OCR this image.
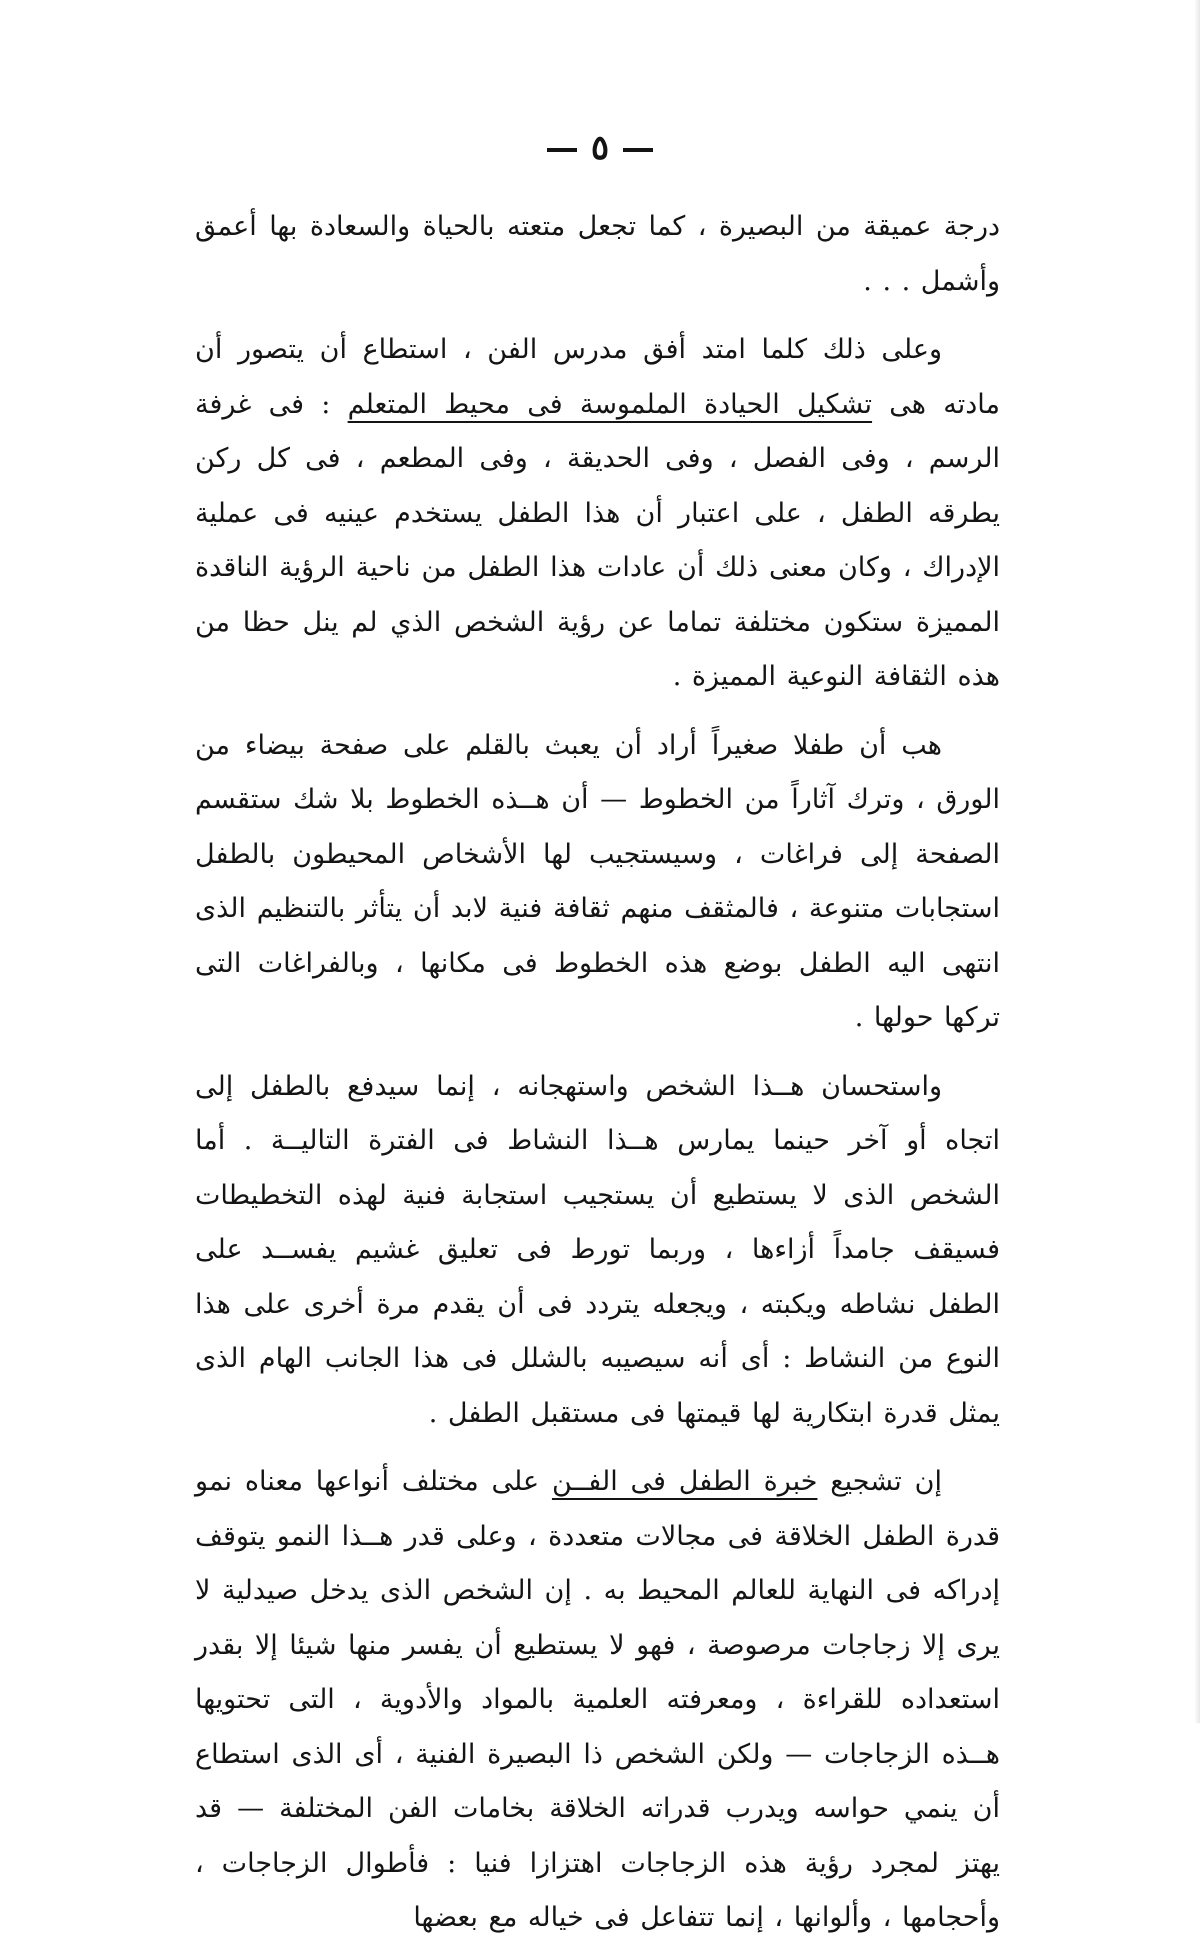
٥

درجة عميقة من البصيرة ، كما تجعل متعته بالحياة والسعادة بها أعمق وأشمل . . .

وعلى ذلك كلما امتد أفق مدرس الفن ، استطاع أن يتصور أن مادته هى تشكيل الحيادة الملموسة فى محيط المتعلم : فى غرفة الرسم ، وفى الفصل ، وفى الحديقة ، وفى المطعم ، فى كل ركن يطرقه الطفل ، على اعتبار أن هذا الطفل يستخدم عينيه فى عملية الإدراك ، وكان معنى ذلك أن عادات هذا الطفل من ناحية الرؤية الناقدة المميزة ستكون مختلفة تماما عن رؤية الشخص الذي لم ينل حظا من هذه الثقافة النوعية المميزة .

هب أن طفلا صغيراً أراد أن يعبث بالقلم على صفحة بيضاء من الورق ، وترك آثاراً من الخطوط — أن هــذه الخطوط بلا شك ستقسم الصفحة إلى فراغات ، وسيستجيب لها الأشخاص المحيطون بالطفل استجابات متنوعة ، فالمثقف منهم ثقافة فنية لابد أن يتأثر بالتنظيم الذى انتهى اليه الطفل بوضع هذه الخطوط فى مكانها ، وبالفراغات التى تركها حولها .

واستحسان هــذا الشخص واستهجانه ، إنما سيدفع بالطفل إلى اتجاه أو آخر حينما يمارس هــذا النشاط فى الفترة التاليــة . أما الشخص الذى لا يستطيع أن يستجيب استجابة فنية لهذه التخطيطات فسيقف جامداً أزاءها ، وربما تورط فى تعليق غشيم يفســد على الطفل نشاطه ويكبته ، ويجعله يتردد فى أن يقدم مرة أخرى على هذا النوع من النشاط : أى أنه سيصيبه بالشلل فى هذا الجانب الهام الذى يمثل قدرة ابتكارية لها قيمتها فى مستقبل الطفل .

إن تشجيع خبرة الطفل فى الفــن على مختلف أنواعها معناه نمو قدرة الطفل الخلاقة فى مجالات متعددة ، وعلى قدر هــذا النمو يتوقف إدراكه فى النهاية للعالم المحيط به . إن الشخص الذى يدخل صيدلية لا يرى إلا زجاجات مرصوصة ، فهو لا يستطيع أن يفسر منها شيئا إلا بقدر استعداده للقراءة ، ومعرفته العلمية بالمواد والأدوية ، التى تحتويها هــذه الزجاجات — ولكن الشخص ذا البصيرة الفنية ، أى الذى استطاع أن ينمي حواسه ويدرب قدراته الخلاقة بخامات الفن المختلفة — قد يهتز لمجرد رؤية هذه الزجاجات اهتزازا فنيا : فأطوال الزجاجات ، وأحجامها ، وألوانها ، إنما تتفاعل فى خياله مع بعضها
